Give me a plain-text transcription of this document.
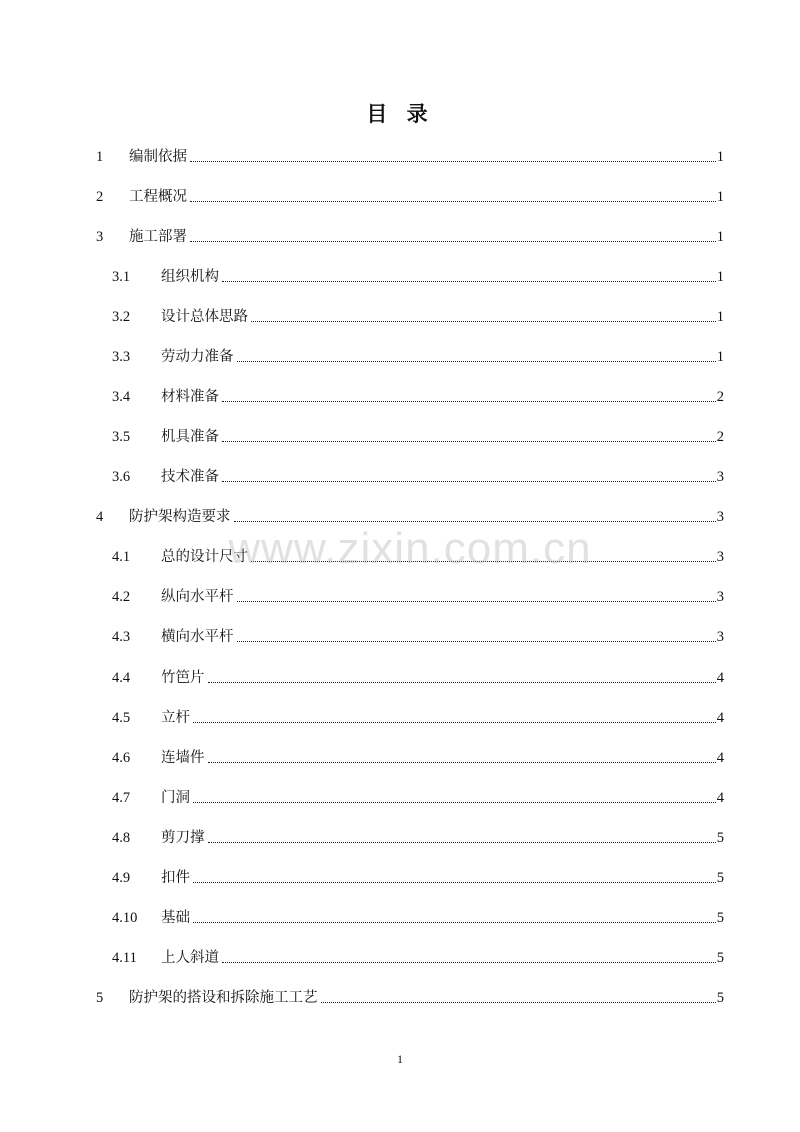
目 录
1	编制依据	1
2	工程概况	1
3	施工部署	1
3.1	组织机构	1
3.2	设计总体思路	1
3.3	劳动力准备	1
3.4	材料准备	2
3.5	机具准备	2
3.6	技术准备	3
4	防护架构造要求	3
4.1	总的设计尺寸	3
4.2	纵向水平杆	3
4.3	横向水平杆	3
4.4	竹笆片	4
4.5	立杆	4
4.6	连墙件	4
4.7	门洞	4
4.8	剪刀撑	5
4.9	扣件	5
4.10	基础	5
4.11	上人斜道	5
5	防护架的搭设和拆除施工工艺	5
www.zixin.com.cn
1
